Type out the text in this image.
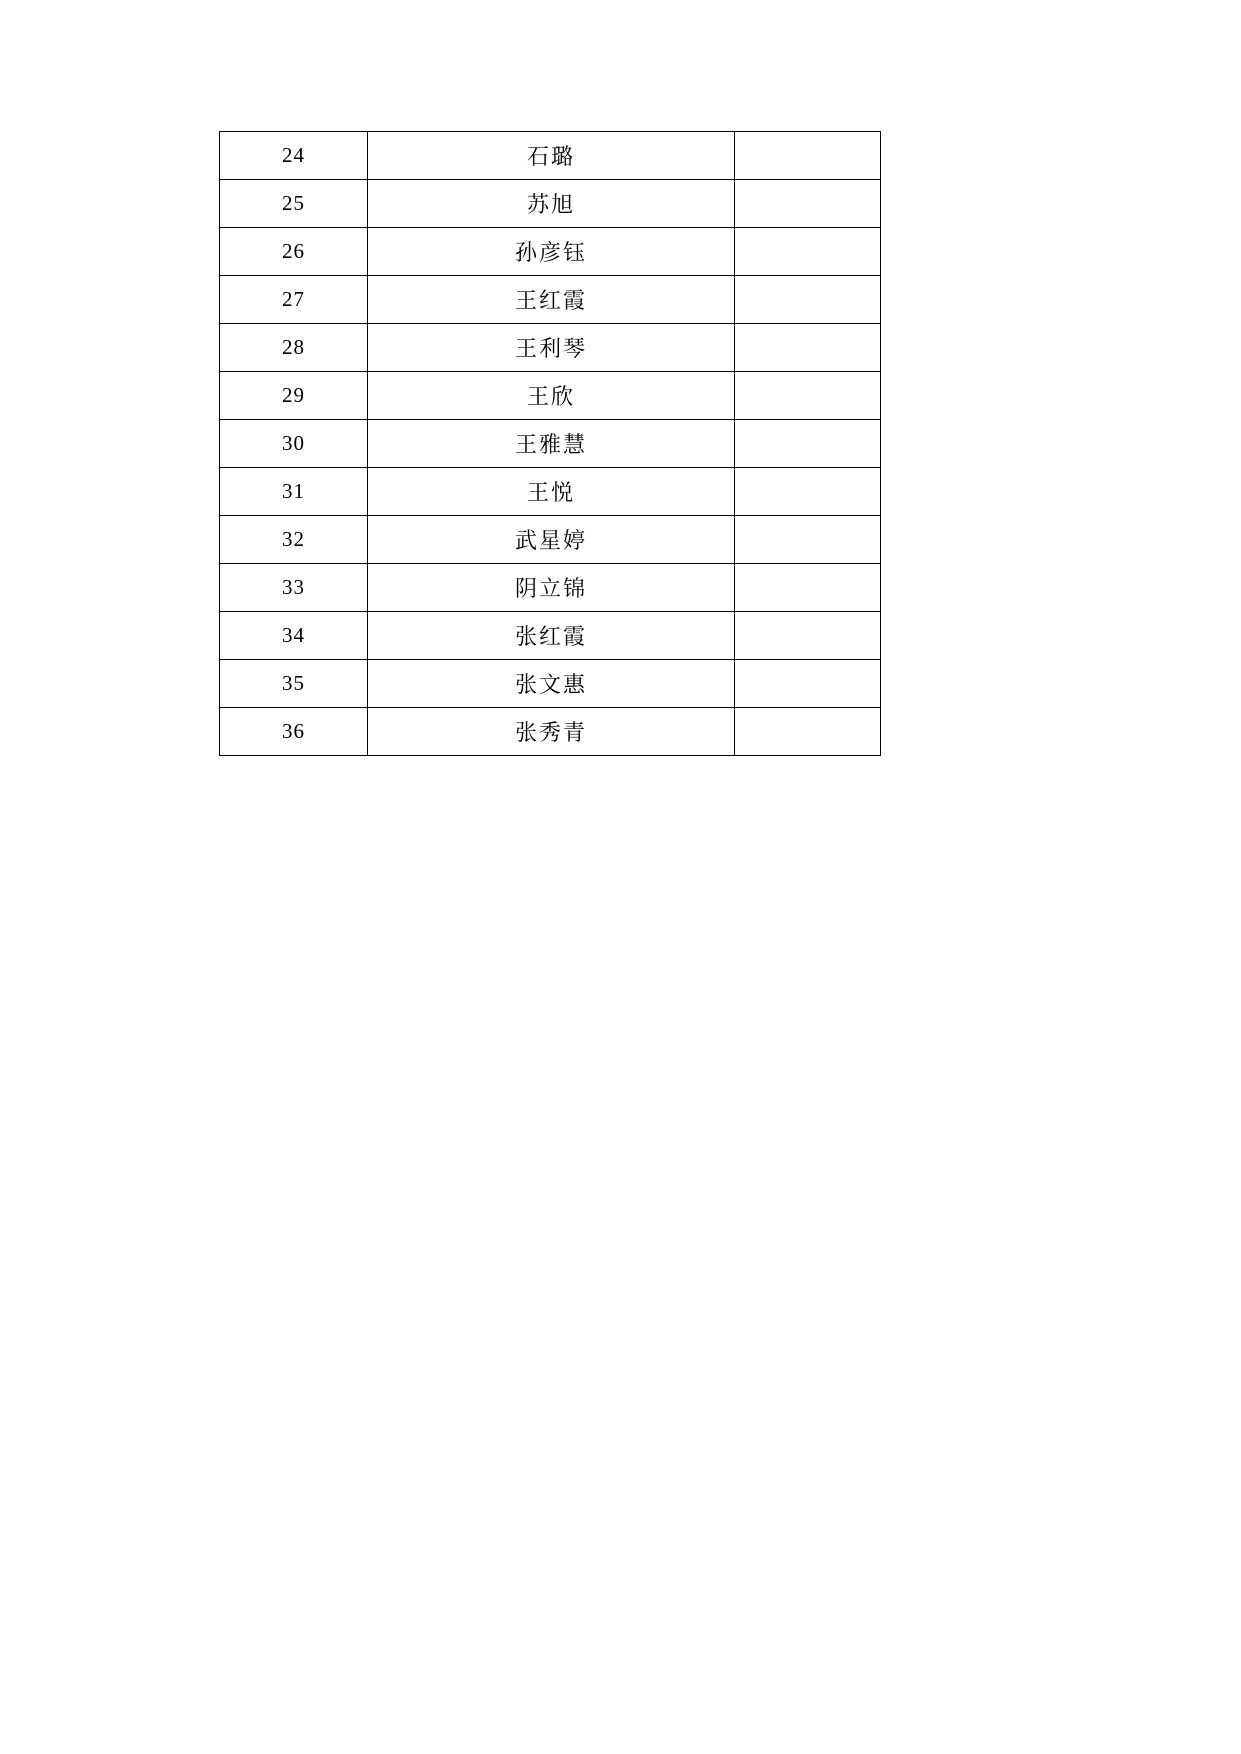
24	石璐	
25	苏旭	
26	孙彦钰	
27	王红霞	
28	王利琴	
29	王欣	
30	王雅慧	
31	王悦	
32	武星婷	
33	阴立锦	
34	张红霞	
35	张文惠	
36	张秀青	
